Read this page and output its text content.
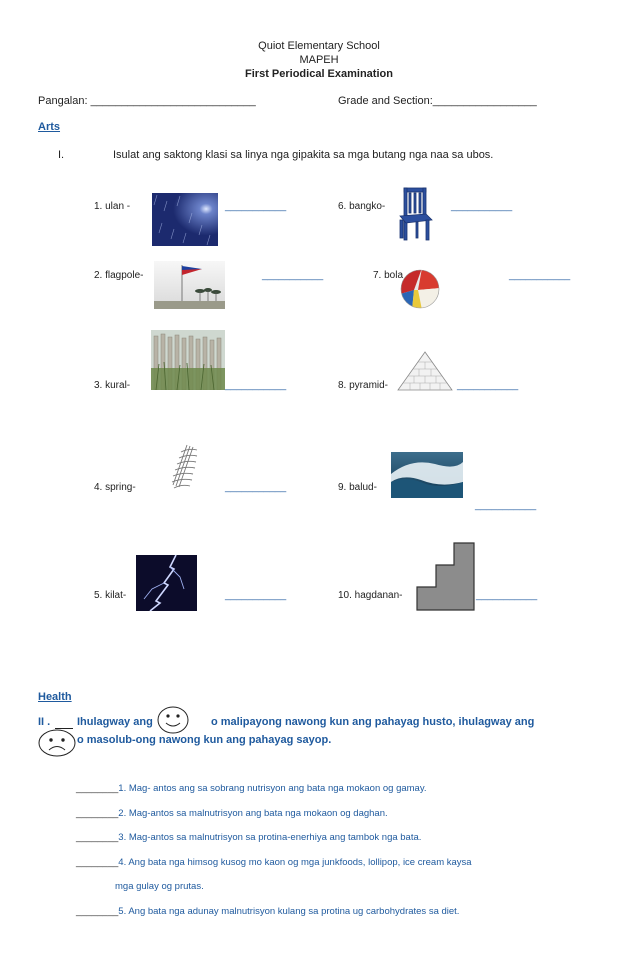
Quiot Elementary School
MAPEH
First Periodical Examination
Pangalan: ___________________________	Grade and Section:_________________
Arts
I.	Isulat ang saktong klasi sa linya nga gipakita sa mga butang nga naa sa ubos.
1. ulan -	___________	6. bangko-	___________
2. flagpole-	___________	7. bola	___________
3. kural-	___________	8. pyramid-	___________
4. spring-	___________	9. balud-
___________
5. kilat-	___________	10. hagdanan-	___________
Health
II . Ihulagway ang	o malipayong nawong kun ang pahayag husto, ihulagway ang
o masolub-ong nawong kun ang pahayag sayop.
________1. Mag- antos ang sa sobrang nutrisyon ang bata nga mokaon og gamay.
________2. Mag-antos sa malnutrisyon ang bata nga mokaon og daghan.
________3. Mag-antos sa malnutrisyon sa protina-enerhiya ang tambok nga bata.
________4. Ang bata nga himsog kusog mo kaon og mga junkfoods, lollipop, ice cream kaysa
mga gulay og prutas.
________5. Ang bata nga adunay malnutrisyon kulang sa protina ug carbohydrates sa diet.
